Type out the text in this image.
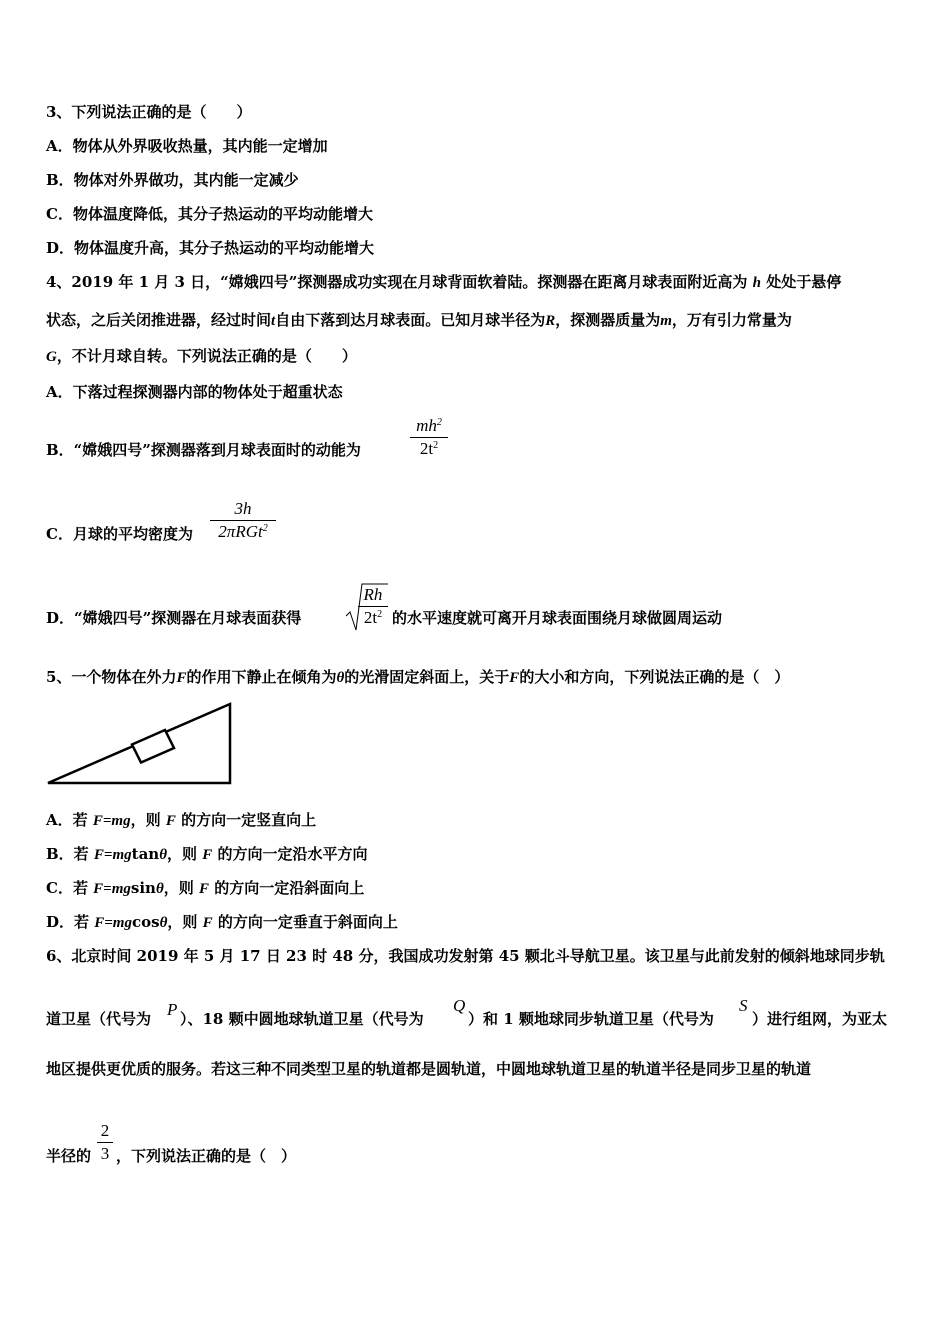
3、下列说法正确的是（　　）
A．物体从外界吸收热量，其内能一定增加
B．物体对外界做功，其内能一定减少
C．物体温度降低，其分子热运动的平均动能增大
D．物体温度升高，其分子热运动的平均动能增大
4、2019 年 1 月 3 日，“嫦娥四号”探测器成功实现在月球背面软着陆。探测器在距离月球表面附近高为 h 处处于悬停
状态，之后关闭推进器，经过时间t自由下落到达月球表面。已知月球半径为R，探测器质量为m，万有引力常量为
G，不计月球自转。下列说法正确的是（　　）
A．下落过程探测器内部的物体处于超重状态
B．“嫦娥四号”探测器落到月球表面时的动能为
$mh^2$
$2t^2$
C．月球的平均密度为
3h
2πRGt$^2$
D．“嫦娥四号”探测器在月球表面获得
Rh
$2t^2$ 的水平速度就可离开月球表面围绕月球做圆周运动
5、一个物体在外力F的作用下静止在倾角为θ的光滑固定斜面上，关于F的大小和方向，下列说法正确的是（　）
A．若 F=mg，则 F 的方向一定竖直向上
B．若 F=mgtanθ，则 F 的方向一定沿水平方向
C．若 F=mgsinθ，则 F 的方向一定沿斜面向上
D．若 F=mgcosθ，则 F 的方向一定垂直于斜面向上
6、北京时间 2019 年 5 月 17 日 23 时 48 分，我国成功发射第 45 颗北斗导航卫星。该卫星与此前发射的倾斜地球同步轨
道卫星（代号为 P ）、18 颗中圆地球轨道卫星（代号为
Q
）和 1 颗地球同步轨道卫星（代号为
S
）进行组网，为亚太
地区提供更优质的服务。若这三种不同类型卫星的轨道都是圆轨道，中圆地球轨道卫星的轨道半径是同步卫星的轨道
半径的
2
3 ，下列说法正确的是（　）
